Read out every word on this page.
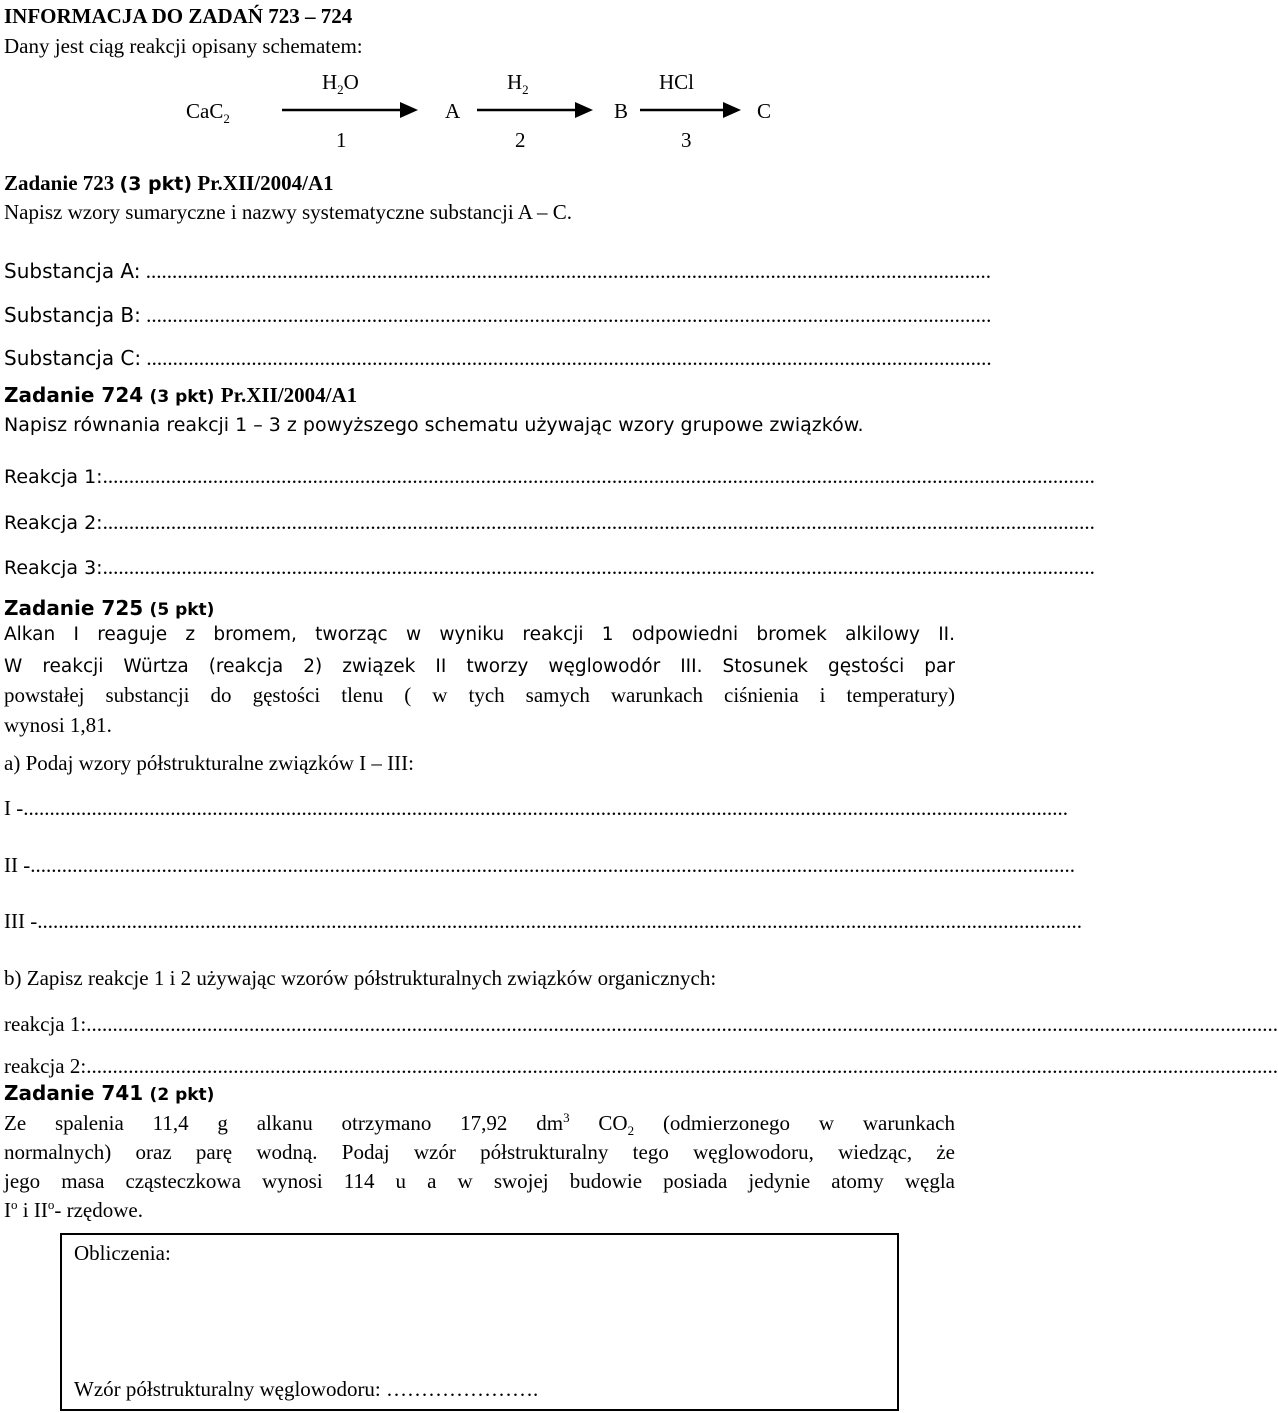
INFORMACJA DO ZADAŃ 723 – 724
Dany jest ciąg reakcji opisany schematem:
$H_2O$	$H_2$	HCl
CaC$_2$	A	B	C
1	2	3
Zadanie 723 (3 pkt) Pr.XII/2004/A1
Napisz wzory sumaryczne i nazwy systematyczne substancji A – C.
Substancja A: .................................................................................................................................................................
Substancja B: .................................................................................................................................................................
Substancja C: .................................................................................................................................................................
Zadanie 724 (3 pkt) Pr.XII/2004/A1
Napisz równania reakcji 1 – 3 z powyższego schematu używając wzory grupowe związków.
Reakcja 1:.............................................................................................................................................................................................
Reakcja 2:.............................................................................................................................................................................................
Reakcja 3:.............................................................................................................................................................................................
Zadanie 725 (5 pkt)
Alkan I reaguje z bromem, tworząc w wyniku reakcji 1 odpowiedni bromek alkilowy II.
W reakcji Würtza (reakcja 2) związek II tworzy węglowodór III. Stosunek gęstości par
powstałej substancji do gęstości tlenu ( w tych samych warunkach ciśnienia i temperatury)
wynosi 1,81.
a) Podaj wzory półstrukturalne związków I – III:
I -.......................................................................................................................................................................................................
II -.......................................................................................................................................................................................................
III -.......................................................................................................................................................................................................
b) Zapisz reakcje 1 i 2 używając wzorów półstrukturalnych związków organicznych:
reakcja 1:...................................................................................................................................................................................................................................
reakcja 2:...................................................................................................................................................................................................................................
Zadanie 741 (2 pkt)
Ze spalenia 11,4 g alkanu otrzymano 17,92 $dm^3$ $CO_2$ (odmierzonego w warunkach
normalnych) oraz parę wodną. Podaj wzór półstrukturalny tego węglowodoru, wiedząc, że
jego masa cząsteczkowa wynosi 114 u a w swojej budowie posiada jedynie atomy węgla
$I^o$ i $II^o-$ rzędowe.
Obliczenia:
Wzór półstrukturalny węglowodoru: ………………….
